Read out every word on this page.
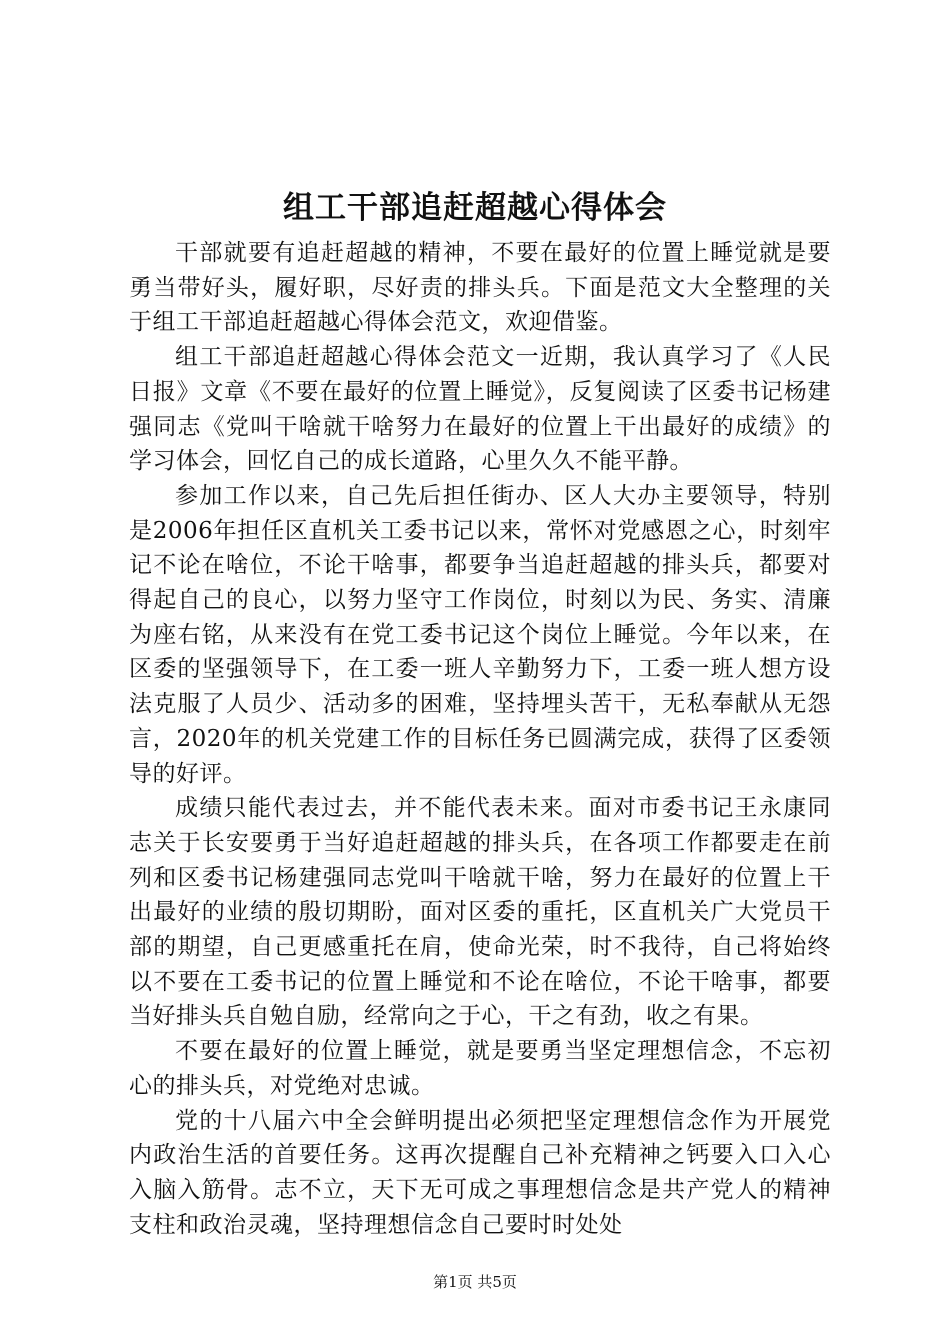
组工干部追赶超越心得体会

干部就要有追赶超越的精神，不要在最好的位置上睡觉就是要勇当带好头，履好职，尽好责的排头兵。下面是范文大全整理的关于组工干部追赶超越心得体会范文，欢迎借鉴。

组工干部追赶超越心得体会范文一近期，我认真学习了《人民日报》文章《不要在最好的位置上睡觉》，反复阅读了区委书记杨建强同志《党叫干啥就干啥努力在最好的位置上干出最好的成绩》的学习体会，回忆自己的成长道路，心里久久不能平静。

参加工作以来，自己先后担任街办、区人大办主要领导，特别是2006年担任区直机关工委书记以来，常怀对党感恩之心，时刻牢记不论在啥位，不论干啥事，都要争当追赶超越的排头兵，都要对得起自己的良心，以努力坚守工作岗位，时刻以为民、务实、清廉为座右铭，从来没有在党工委书记这个岗位上睡觉。今年以来，在区委的坚强领导下，在工委一班人辛勤努力下，工委一班人想方设法克服了人员少、活动多的困难，坚持埋头苦干，无私奉献从无怨言，2020年的机关党建工作的目标任务已圆满完成，获得了区委领导的好评。

成绩只能代表过去，并不能代表未来。面对市委书记王永康同志关于长安要勇于当好追赶超越的排头兵，在各项工作都要走在前列和区委书记杨建强同志党叫干啥就干啥，努力在最好的位置上干出最好的业绩的殷切期盼，面对区委的重托，区直机关广大党员干部的期望，自己更感重托在肩，使命光荣，时不我待，自己将始终以不要在工委书记的位置上睡觉和不论在啥位，不论干啥事，都要当好排头兵自勉自励，经常向之于心，干之有劲，收之有果。

不要在最好的位置上睡觉，就是要勇当坚定理想信念，不忘初心的排头兵，对党绝对忠诚。

党的十八届六中全会鲜明提出必须把坚定理想信念作为开展党内政治生活的首要任务。这再次提醒自己补充精神之钙要入口入心入脑入筋骨。志不立，天下无可成之事理想信念是共产党人的精神支柱和政治灵魂，坚持理想信念自己要时时处处

第1页 共5页
